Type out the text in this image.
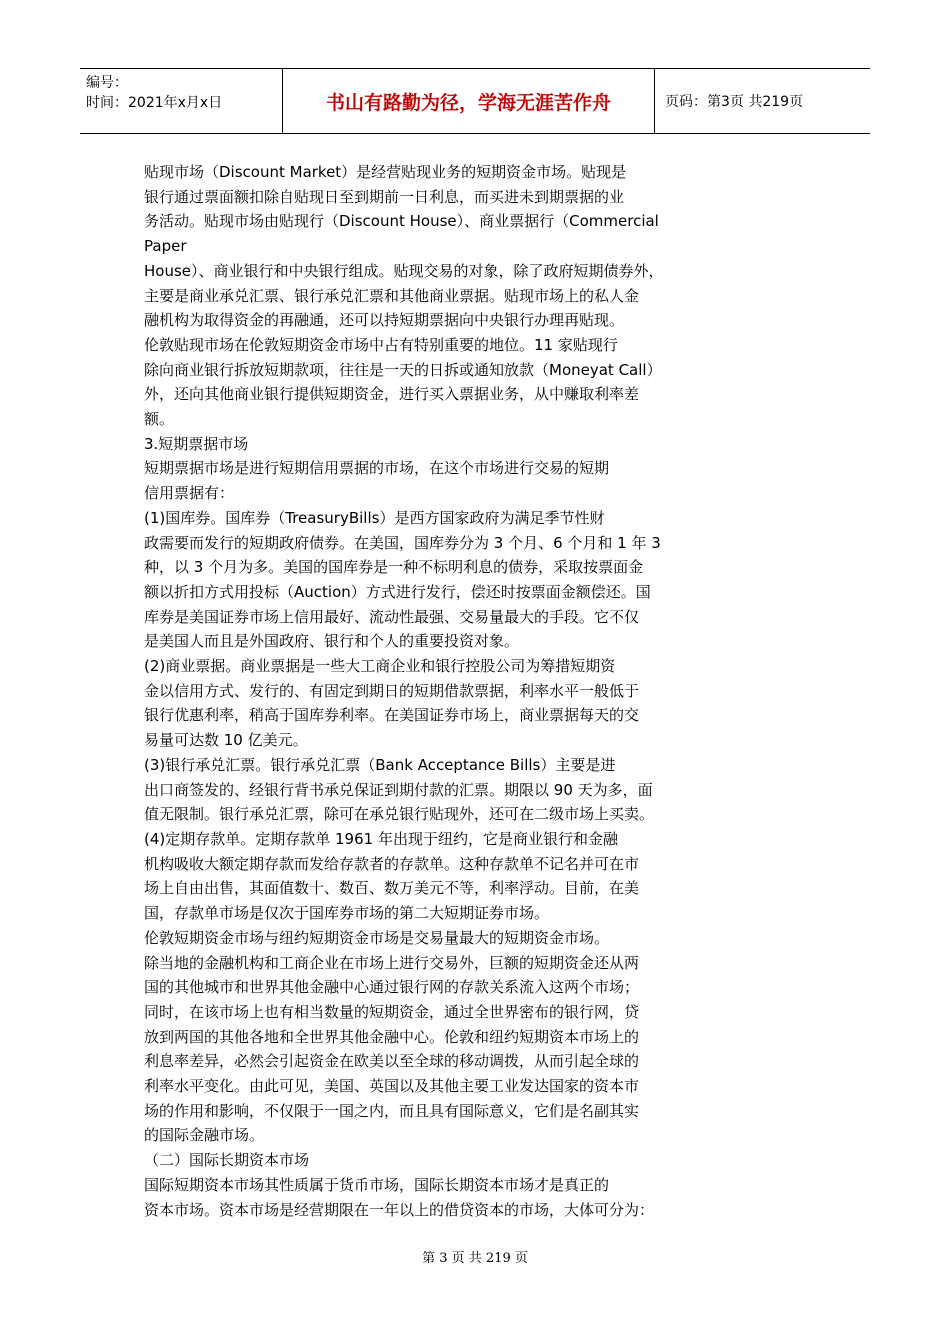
编号：
时间：2021年x月x日	书山有路勤为径，学海无涯苦作舟	页码：第3页 共219页

贴现市场（Discount Market）是经营贴现业务的短期资金市场。贴现是

银行通过票面额扣除自贴现日至到期前一日利息，而买进未到期票据的业

务活动。贴现市场由贴现行（Discount House）、商业票据行（Commercial

Paper

House）、商业银行和中央银行组成。贴现交易的对象，除了政府短期债券外，

主要是商业承兑汇票、银行承兑汇票和其他商业票据。贴现市场上的私人金

融机构为取得资金的再融通，还可以持短期票据向中央银行办理再贴现。

伦敦贴现市场在伦敦短期资金市场中占有特别重要的地位。11 家贴现行

除向商业银行拆放短期款项，往往是一天的日拆或通知放款（Moneyat Call）

外，还向其他商业银行提供短期资金，进行买入票据业务，从中赚取利率差

额。

3.短期票据市场

短期票据市场是进行短期信用票据的市场，在这个市场进行交易的短期

信用票据有：

(1)国库券。国库券（TreasuryBills）是西方国家政府为满足季节性财

政需要而发行的短期政府债券。在美国，国库券分为 3 个月、6 个月和 1 年 3

种，以 3 个月为多。美国的国库券是一种不标明利息的债券，采取按票面金

额以折扣方式用投标（Auction）方式进行发行，偿还时按票面金额偿还。国

库券是美国证券市场上信用最好、流动性最强、交易量最大的手段。它不仅

是美国人而且是外国政府、银行和个人的重要投资对象。

(2)商业票据。商业票据是一些大工商企业和银行控股公司为筹措短期资

金以信用方式、发行的、有固定到期日的短期借款票据，利率水平一般低于

银行优惠利率，稍高于国库券利率。在美国证券市场上，商业票据每天的交

易量可达数 10 亿美元。

(3)银行承兑汇票。银行承兑汇票（Bank Acceptance Bills）主要是进

出口商签发的、经银行背书承兑保证到期付款的汇票。期限以 90 天为多，面

值无限制。银行承兑汇票，除可在承兑银行贴现外，还可在二级市场上买卖。

(4)定期存款单。定期存款单 1961 年出现于纽约，它是商业银行和金融

机构吸收大额定期存款而发给存款者的存款单。这种存款单不记名并可在市

场上自由出售，其面值数十、数百、数万美元不等，利率浮动。目前，在美

国，存款单市场是仅次于国库券市场的第二大短期证券市场。

伦敦短期资金市场与纽约短期资金市场是交易量最大的短期资金市场。

除当地的金融机构和工商企业在市场上进行交易外，巨额的短期资金还从两

国的其他城市和世界其他金融中心通过银行网的存款关系流入这两个市场；

同时，在该市场上也有相当数量的短期资金，通过全世界密布的银行网，贷

放到两国的其他各地和全世界其他金融中心。伦敦和纽约短期资本市场上的

利息率差异，必然会引起资金在欧美以至全球的移动调拨，从而引起全球的

利率水平变化。由此可见，美国、英国以及其他主要工业发达国家的资本市

场的作用和影响，不仅限于一国之内，而且具有国际意义，它们是名副其实

的国际金融市场。

（二）国际长期资本市场

国际短期资本市场其性质属于货币市场，国际长期资本市场才是真正的

资本市场。资本市场是经营期限在一年以上的借贷资本的市场，大体可分为：

第 3 页 共 219 页
